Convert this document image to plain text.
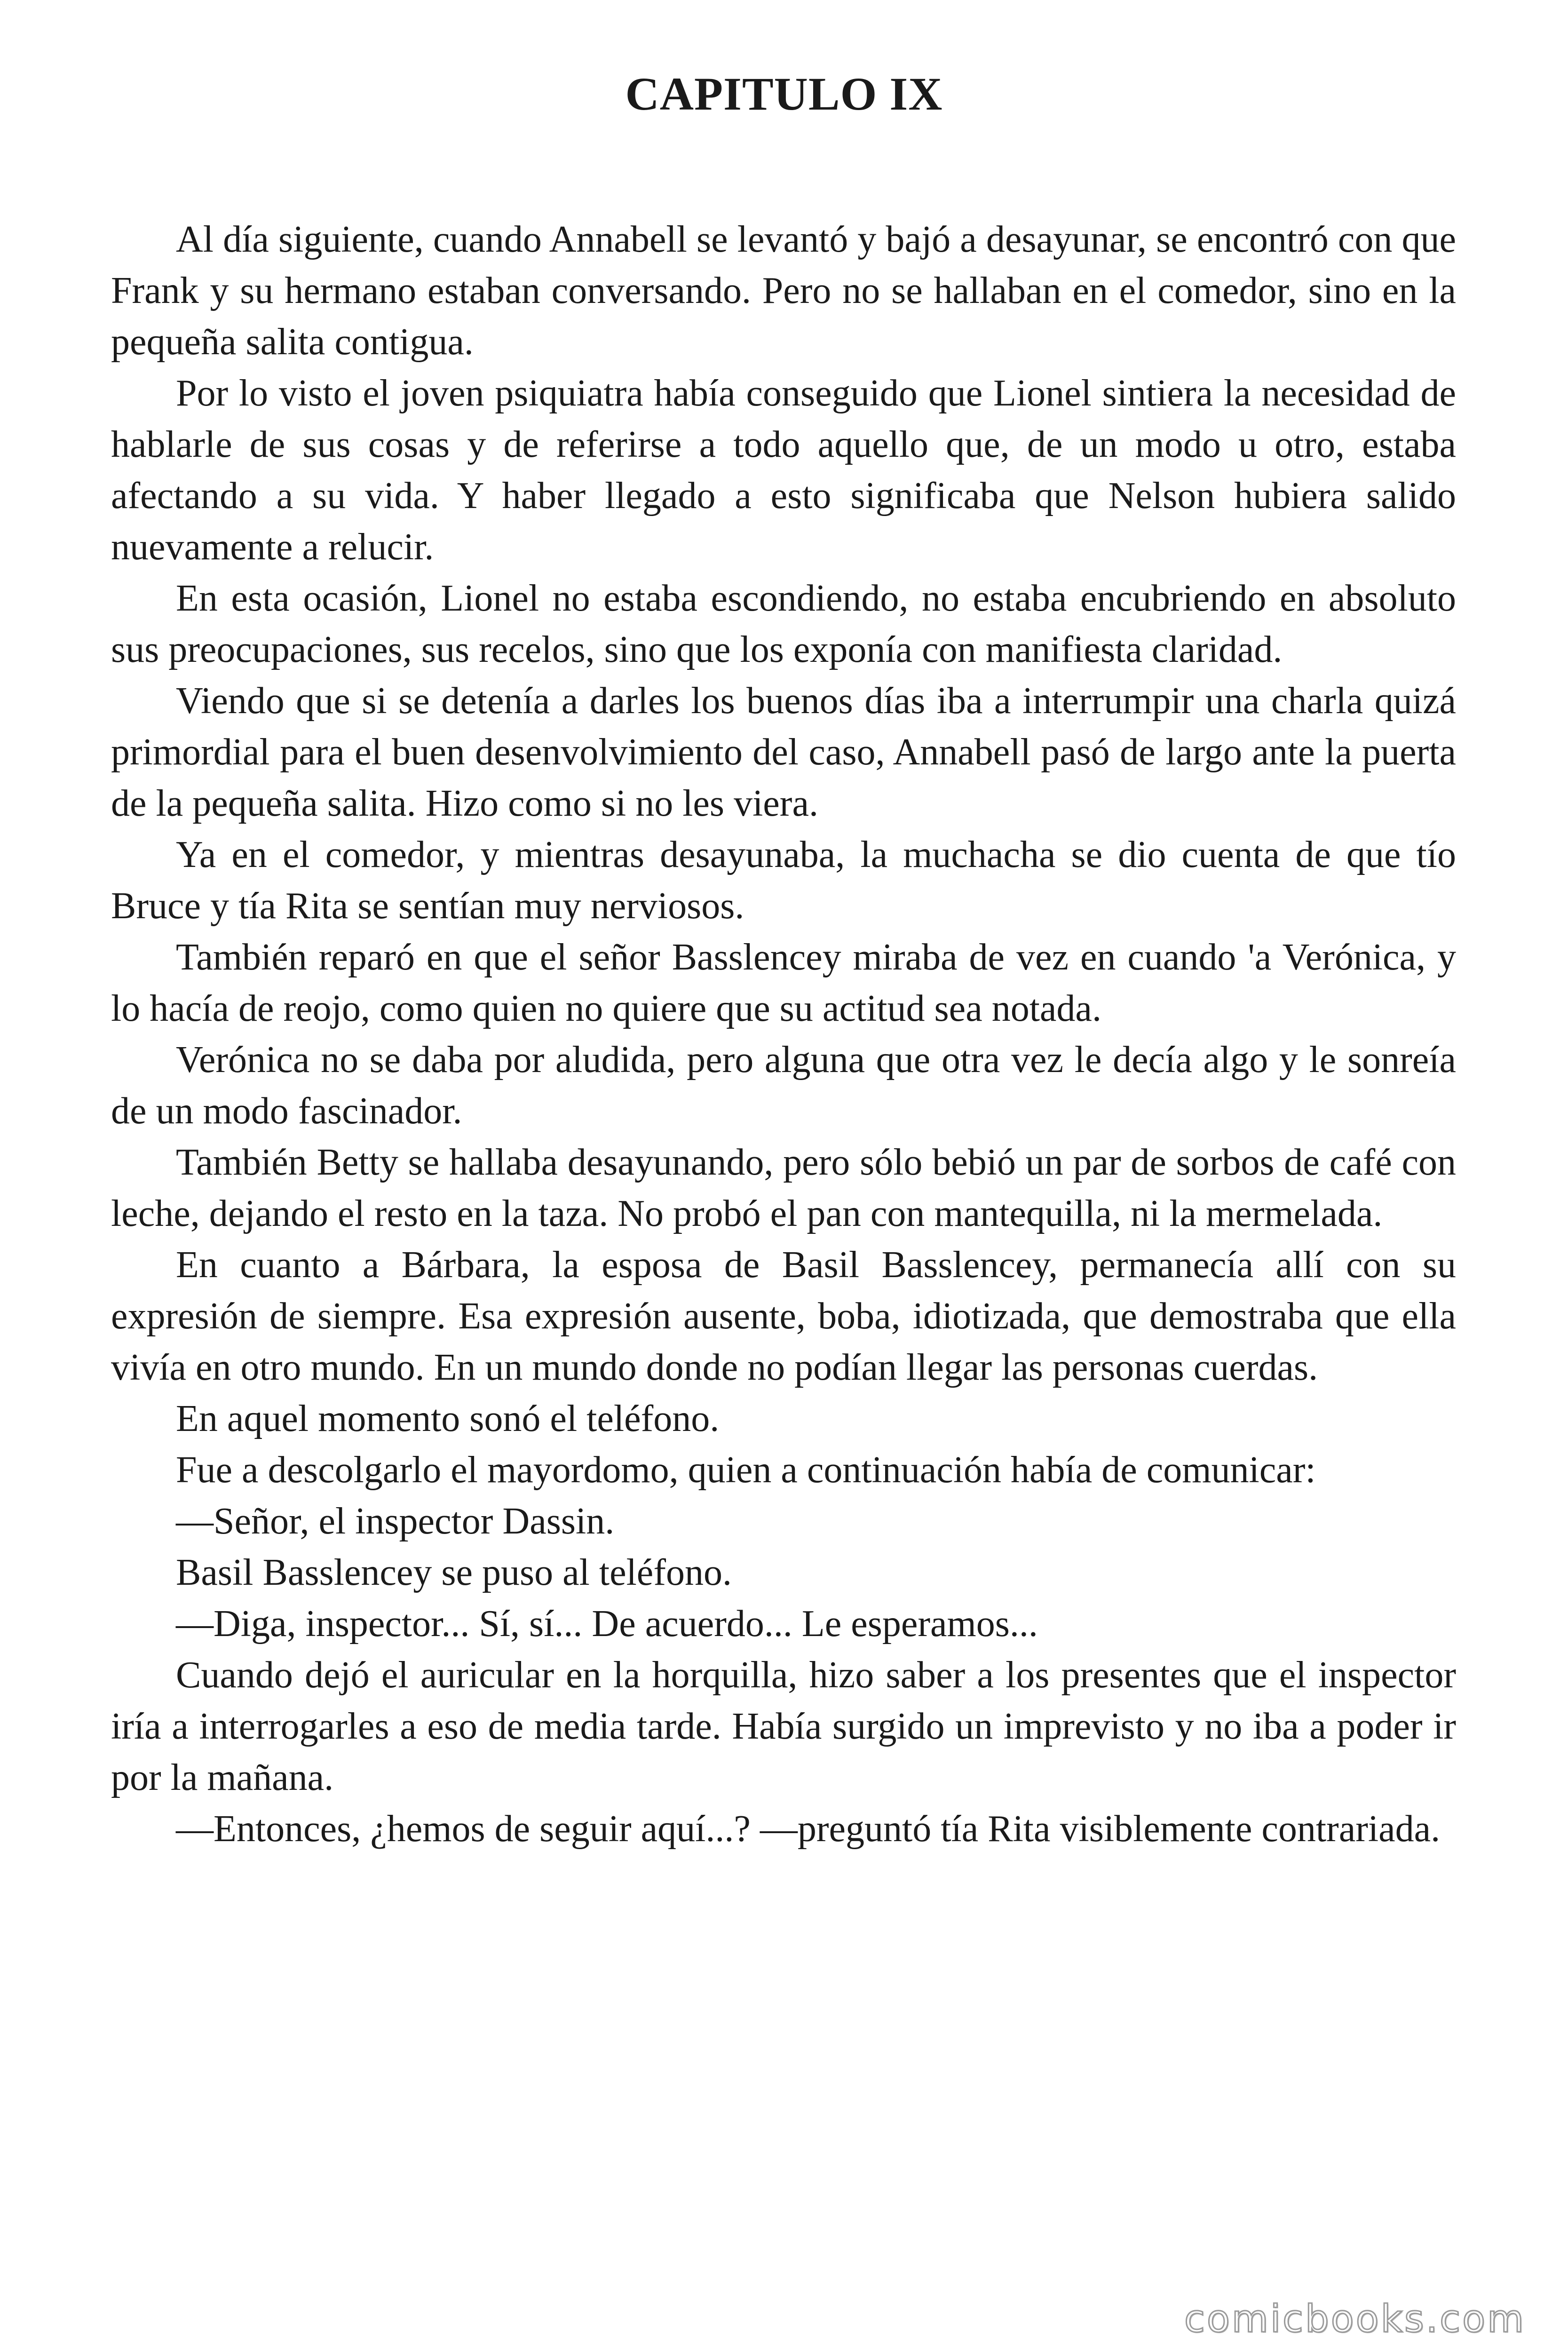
CAPITULO IX

Al día siguiente, cuando Annabell se levantó y bajó a desayunar, se encontró con que Frank y su hermano estaban conversando. Pero no se hallaban en el comedor, sino en la pequeña salita contigua.

Por lo visto el joven psiquiatra había conseguido que Lionel sintiera la necesidad de hablarle de sus cosas y de referirse a todo aquello que, de un modo u otro, estaba afectando a su vida. Y haber llegado a esto significaba que Nelson hubiera salido nuevamente a relucir.

En esta ocasión, Lionel no estaba escondiendo, no estaba encubriendo en absoluto sus preocupaciones, sus recelos, sino que los exponía con manifiesta claridad.

Viendo que si se detenía a darles los buenos días iba a interrumpir una charla quizá primordial para el buen desenvolvimiento del caso, Annabell pasó de largo ante la puerta de la pequeña salita. Hizo como si no les viera.

Ya en el comedor, y mientras desayunaba, la muchacha se dio cuenta de que tío Bruce y tía Rita se sentían muy nerviosos.

También reparó en que el señor Basslencey miraba de vez en cuando 'a Verónica, y lo hacía de reojo, como quien no quiere que su actitud sea notada.

Verónica no se daba por aludida, pero alguna que otra vez le decía algo y le sonreía de un modo fascinador.

También Betty se hallaba desayunando, pero sólo bebió un par de sorbos de café con leche, dejando el resto en la taza. No probó el pan con mantequilla, ni la mermelada.

En cuanto a Bárbara, la esposa de Basil Basslencey, permanecía allí con su expresión de siempre. Esa expresión ausente, boba, idiotizada, que demostraba que ella vivía en otro mundo. En un mundo donde no podían llegar las personas cuerdas.

En aquel momento sonó el teléfono.

Fue a descolgarlo el mayordomo, quien a continuación había de comunicar:

—Señor, el inspector Dassin.

Basil Basslencey se puso al teléfono.

—Diga, inspector... Sí, sí... De acuerdo... Le esperamos...

Cuando dejó el auricular en la horquilla, hizo saber a los presentes que el inspector iría a interrogarles a eso de media tarde. Había surgido un imprevisto y no iba a poder ir por la mañana.

—Entonces, ¿hemos de seguir aquí...? —preguntó tía Rita visiblemente contrariada.

comicbooks.com
